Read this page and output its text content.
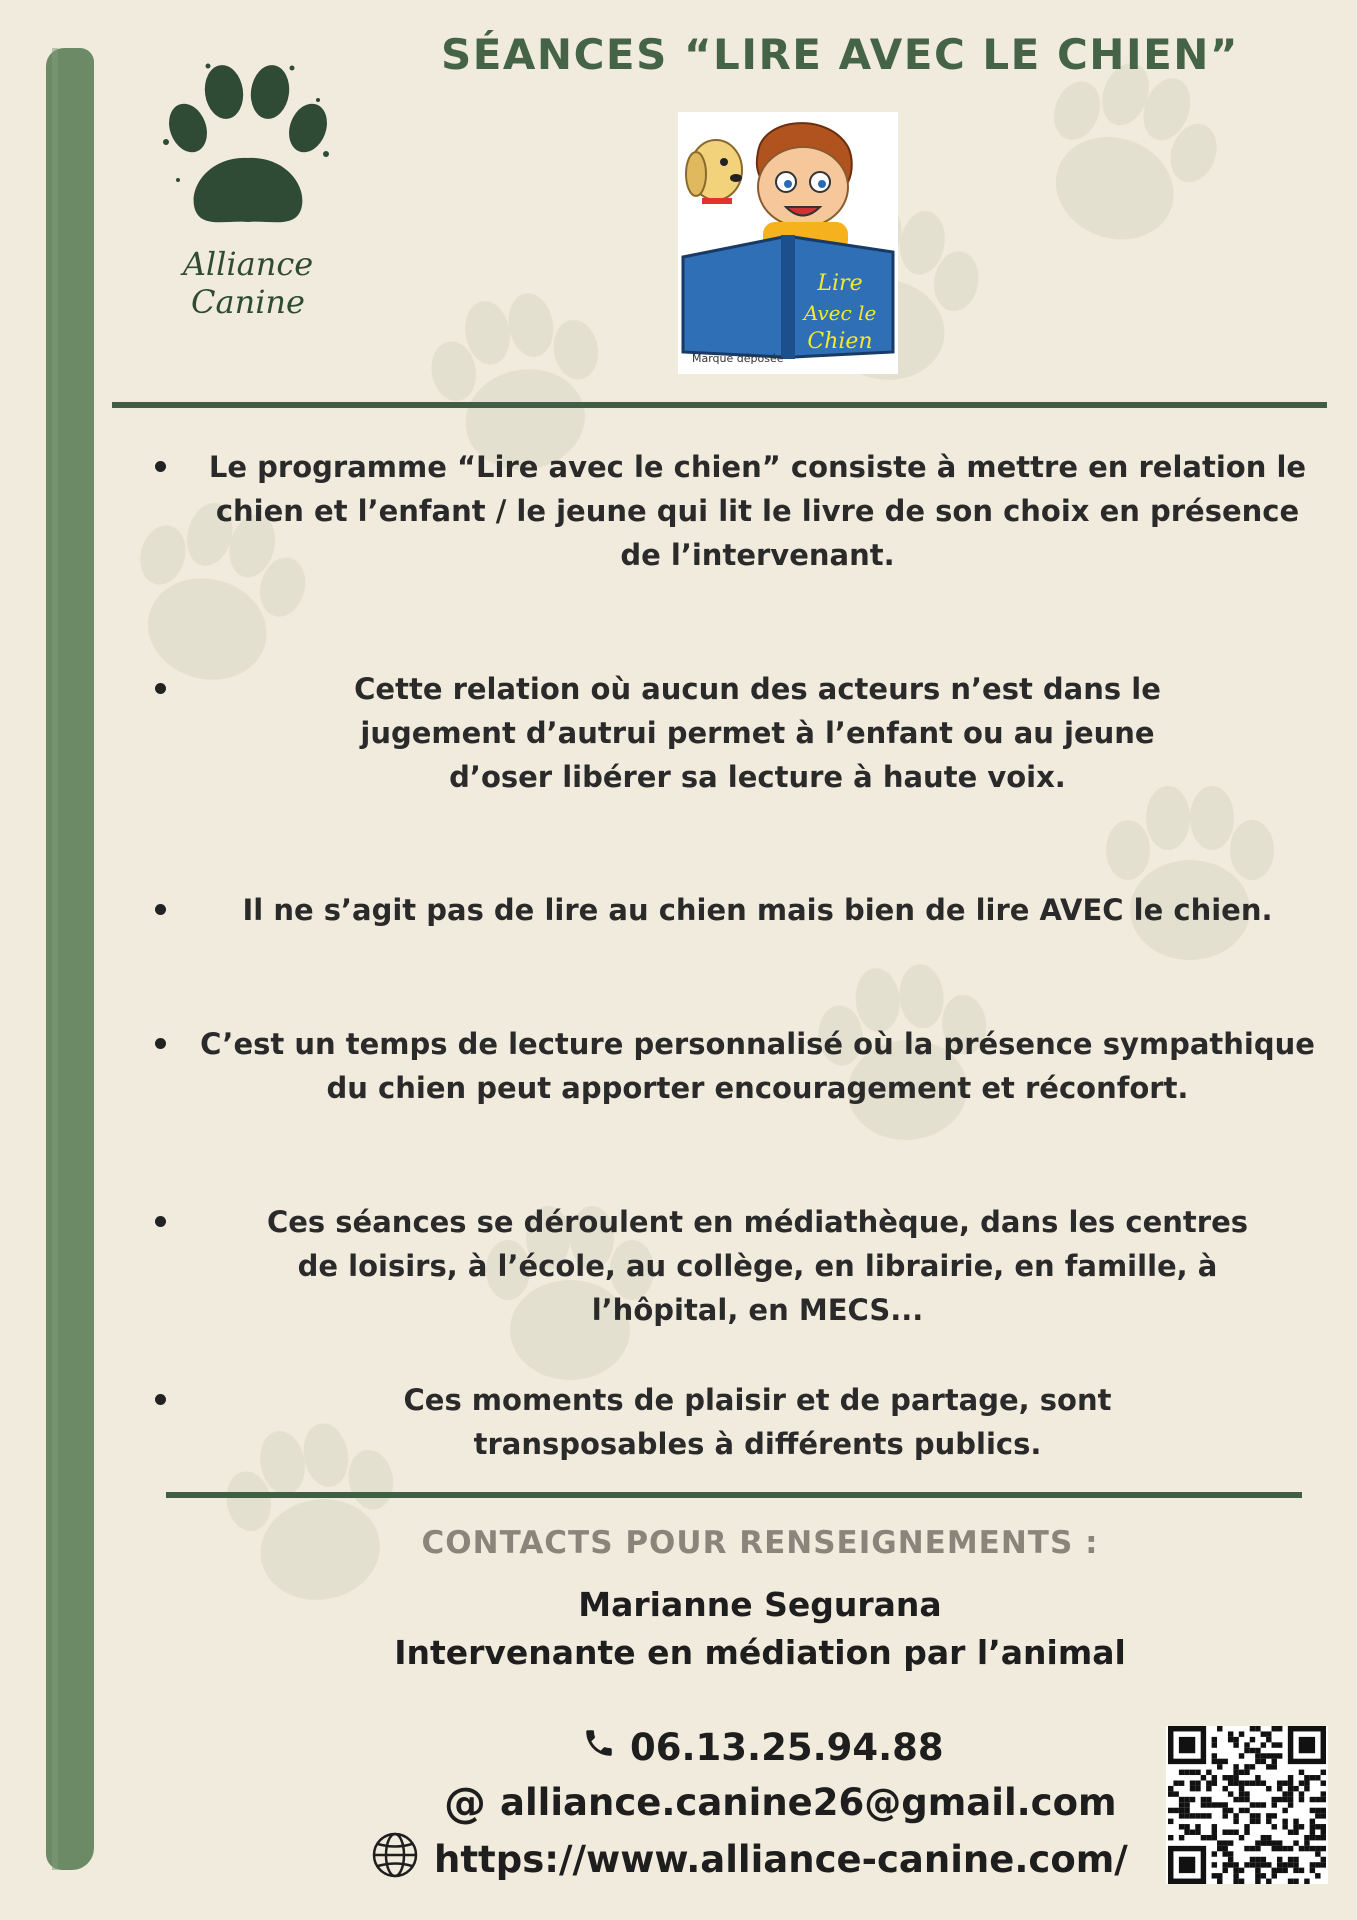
Alliance
Canine
SÉANCES “LIRE AVEC LE CHIEN”
Lire
Avec le
Chien
Marque déposée
Le programme “Lire avec le chien” consiste à mettre en relation le chien et l’enfant / le jeune qui lit le livre de son choix en présence de l’intervenant.
Cette relation où aucun des acteurs n’est dans le jugement d’autrui permet à l’enfant ou au jeune d’oser libérer sa lecture à haute voix.
Il ne s’agit pas de lire au chien mais bien de lire AVEC le chien.
C’est un temps de lecture personnalisé où la présence sympathique du chien peut apporter encouragement et réconfort.
Ces séances se déroulent en médiathèque, dans les centres de loisirs, à l’école, au collège, en librairie, en famille, à l’hôpital, en MECS...
Ces moments de plaisir et de partage, sont transposables à différents publics.
CONTACTS POUR RENSEIGNEMENTS :
Marianne Segurana
Intervenante en médiation par l’animal
06.13.25.94.88
@ alliance.canine26@gmail.com
https://www.alliance-canine.com/
